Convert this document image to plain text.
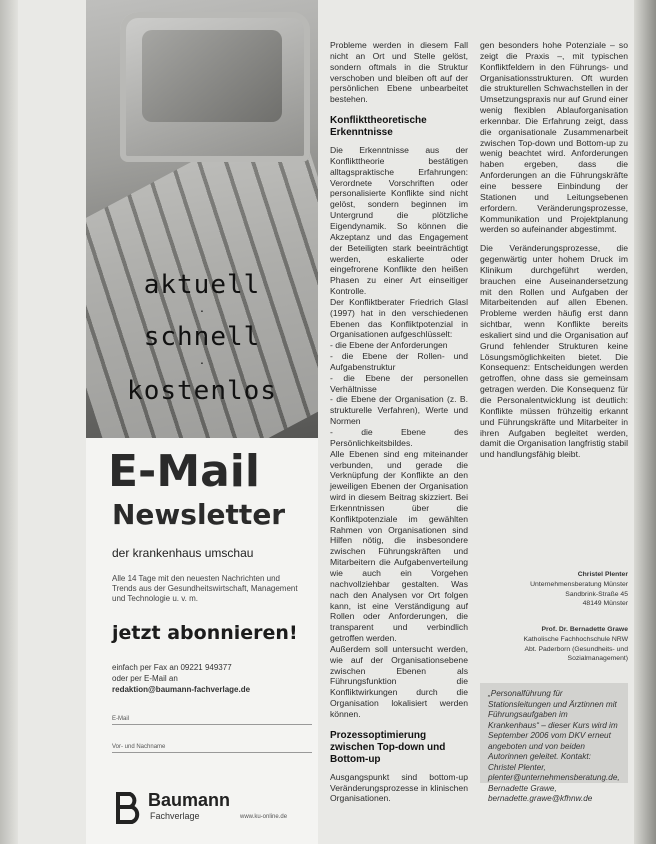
aktuell
·
schnell
·
kostenlos
E-Mail
Newsletter
der krankenhaus umschau
Alle 14 Tage mit den neuesten Nachrichten und Trends aus der Gesundheitswirtschaft, Management und Technologie u. v. m.
jetzt abonnieren!
einfach per Fax an 09221 949377
oder per E-Mail an
redaktion@baumann-fachverlage.de
E-Mail
Vor- und Nachname
Baumann
Fachverlage	www.ku-online.de

Probleme werden in diesem Fall nicht an Ort und Stelle gelöst, sondern oftmals in die Struktur verschoben und bleiben oft auf der persönlichen Ebene unbearbeitet bestehen.

Konflikttheoretische Erkenntnisse

Die Erkenntnisse aus der Konflikttheorie bestätigen alltagspraktische Erfahrungen: Verordnete Vorschriften oder personalisierte Konflikte sind nicht gelöst, sondern beginnen im Untergrund die plötzliche Eigendynamik. So können die Akzeptanz und das Engagement der Beteiligten stark beeinträchtigt werden, eskalierte oder eingefrorene Konflikte den heißen Phasen zu einer Art einseitiger Kontrolle.

Der Konfliktberater Friedrich Glasl (1997) hat in den verschiedenen Ebenen das Konfliktpotenzial in Organisationen aufgeschlüsselt:

- die Ebene der Anforderungen

- die Ebene der Rollen- und Aufgabenstruktur

- die Ebene der personellen Verhältnisse

- die Ebene der Organisation (z. B. strukturelle Verfahren), Werte und Normen

- die Ebene des Persönlichkeitsbildes.

Alle Ebenen sind eng miteinander verbunden, und gerade die Verknüpfung der Konflikte an den jeweiligen Ebenen der Organisation wird in diesem Beitrag skizziert. Bei Erkenntnissen über die Konfliktpotenziale im gewählten Rahmen von Organisationen sind Hilfen nötig, die insbesondere zwischen Führungskräften und Mitarbeitern die Aufgabenverteilung wie auch ein Vorgehen nachvollziehbar gestalten. Was nach den Analysen vor Ort folgen kann, ist eine Verständigung auf Rollen oder Anforderungen, die transparent und verbindlich getroffen werden.

Außerdem soll untersucht werden, wie auf der Organisationsebene zwischen Ebenen als Führungsfunktion die Konfliktwirkungen durch die Organisation lokalisiert werden können.

Prozessoptimierung zwischen Top-down und Bottom-up

Ausgangspunkt sind bottom-up Veränderungsprozesse in klinischen Organisationen.

gen besonders hohe Potenziale – so zeigt die Praxis –, mit typischen Konfliktfeldern in den Führungs- und Organisationsstrukturen. Oft wurden die strukturellen Schwachstellen in der Umsetzungspraxis nur auf Grund einer wenig flexiblen Ablauforganisation erkennbar. Die Erfahrung zeigt, dass die organisationale Zusammenarbeit zwischen Top-down und Bottom-up zu wenig beachtet wird. Anforderungen haben ergeben, dass die Anforderungen an die Führungskräfte eine bessere Einbindung der Stationen und Leitungsebenen erfordern. Veränderungsprozesse, Kommunikation und Projektplanung werden so aufeinander abgestimmt.

Die Veränderungsprozesse, die gegenwärtig unter hohem Druck im Klinikum durchgeführt werden, brauchen eine Auseinandersetzung mit den Rollen und Aufgaben der Mitarbeitenden auf allen Ebenen. Probleme werden häufig erst dann sichtbar, wenn Konflikte bereits eskaliert sind und die Organisation auf Grund fehlender Strukturen keine Lösungsmöglichkeiten bietet. Die Konsequenz: Entscheidungen werden getroffen, ohne dass sie gemeinsam getragen werden. Die Konsequenz für die Personalentwicklung ist deutlich: Konflikte müssen frühzeitig erkannt und Führungskräfte und Mitarbeiter in ihren Aufgaben begleitet werden, damit die Organisation langfristig stabil und handlungsfähig bleibt.

Christel Plenter
Unternehmensberatung Münster
Sandbrink-Straße 45
48149 Münster
Prof. Dr. Bernadette Grawe
Katholische Fachhochschule NRW
Abt. Paderborn (Gesundheits- und
Sozialmanagement)
„Personalführung für Stationsleitungen und Ärztinnen mit Führungsaufgaben im Krankenhaus“ – dieser Kurs wird im September 2006 vom DKV erneut angeboten und von beiden Autorinnen geleitet. Kontakt: Christel Plenter, plenter@unternehmensberatung.de, Bernadette Grawe, bernadette.grawe@kfhnw.de
